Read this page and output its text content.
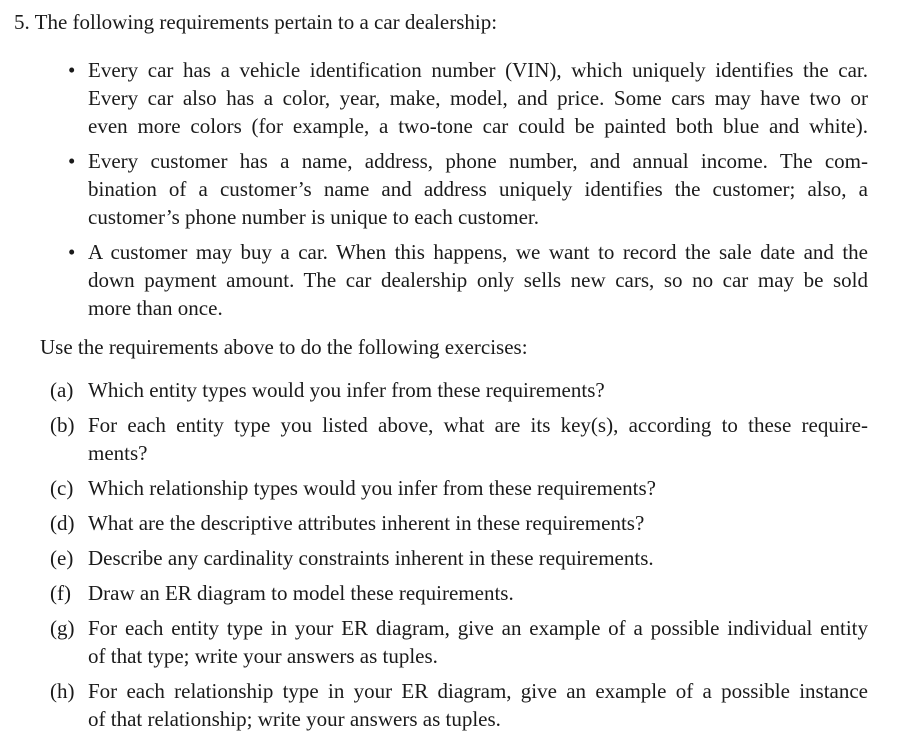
5. The following requirements pertain to a car dealership:
• Every car has a vehicle identification number (VIN), which uniquely identifies the car.
Every car also has a color, year, make, model, and price. Some cars may have two or
even more colors (for example, a two-tone car could be painted both blue and white).
• Every customer has a name, address, phone number, and annual income. The com-
bination of a customer’s name and address uniquely identifies the customer; also, a
customer’s phone number is unique to each customer.
• A customer may buy a car. When this happens, we want to record the sale date and the
down payment amount. The car dealership only sells new cars, so no car may be sold
more than once.
Use the requirements above to do the following exercises:
(a) Which entity types would you infer from these requirements?
(b) For each entity type you listed above, what are its key(s), according to these require-
ments?
(c) Which relationship types would you infer from these requirements?
(d) What are the descriptive attributes inherent in these requirements?
(e) Describe any cardinality constraints inherent in these requirements.
(f) Draw an ER diagram to model these requirements.
(g) For each entity type in your ER diagram, give an example of a possible individual entity
of that type; write your answers as tuples.
(h) For each relationship type in your ER diagram, give an example of a possible instance
of that relationship; write your answers as tuples.
